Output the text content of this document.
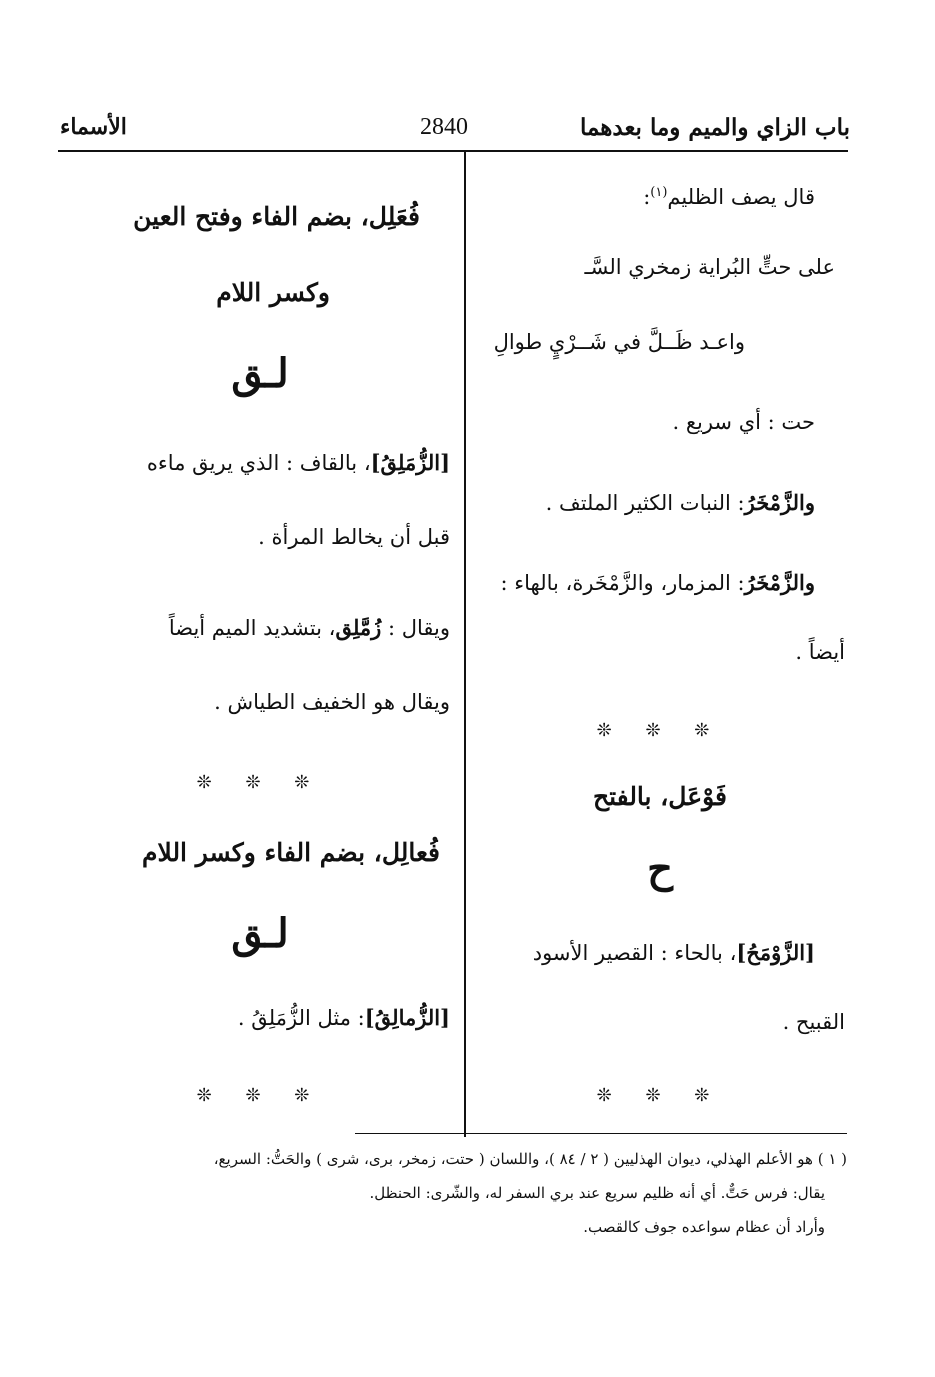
باب الزاي والميم وما بعدهما
2840
الأسماء
قال يصف الظليم$^{(١)}$:
على حتٍّ البُراية زمخري السَّـ
واعـد ظَــلَّ في شَــرْيٍ طوالِ
حت : أي سريع .
والزَّمْخَرُ: النبات الكثير الملتف .
والزَّمْخَرُ: المزمار، والزَّمْخَرة، بالهاء :
أيضاً .
❊ ❊ ❊
فَوْعَل، بالفتح
ح
[الزَّوْمَحُ]، بالحاء : القصير الأسود
القبيح .
❊ ❊ ❊
فُعَلِل، بضم الفاء وفتح العين
وكسر اللام
لـق
[الزُّمَلِقُ]، بالقاف : الذي يريق ماءه
قبل أن يخالط المرأة .
ويقال : زُمَّلِق، بتشديد الميم أيضاً
ويقال هو الخفيف الطياش .
❊ ❊ ❊
فُعالِل، بضم الفاء وكسر اللام
لـق
[الزُّمالِقُ]: مثل الزُّمَلِقُ .
❊ ❊ ❊
( ١ ) هو الأعلم الهذلي، ديوان الهذليين ( ٢ / ٨٤ )، واللسان ( حتت، زمخر، برى، شرى ) والحَتُّ: السريع،
يقال: فرس حَتٌّ. أي أنه ظليم سريع عند بري السفر له، والشّرى: الحنظل.
وأراد أن عظام سواعده جوف كالقصب.
